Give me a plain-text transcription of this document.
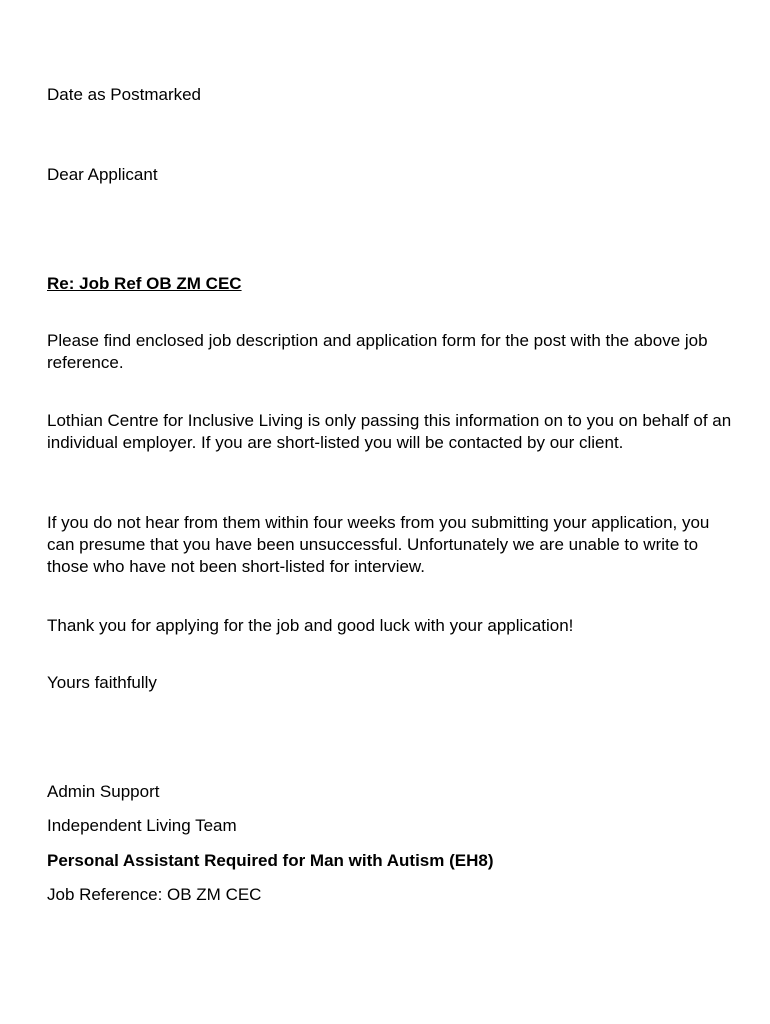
Date as Postmarked

Dear Applicant

Re: Job Ref OB ZM CEC

Please find enclosed job description and application form for the post with the above job reference.

Lothian Centre for Inclusive Living is only passing this information on to you on behalf of an individual employer. If you are short-listed you will be contacted by our client.

If you do not hear from them within four weeks from you submitting your application, you can presume that you have been unsuccessful. Unfortunately we are unable to write to those who have not been short-listed for interview.

Thank you for applying for the job and good luck with your application!

Yours faithfully

Admin Support

Independent Living Team

Personal Assistant Required for Man with Autism (EH8)

Job Reference: OB ZM CEC
